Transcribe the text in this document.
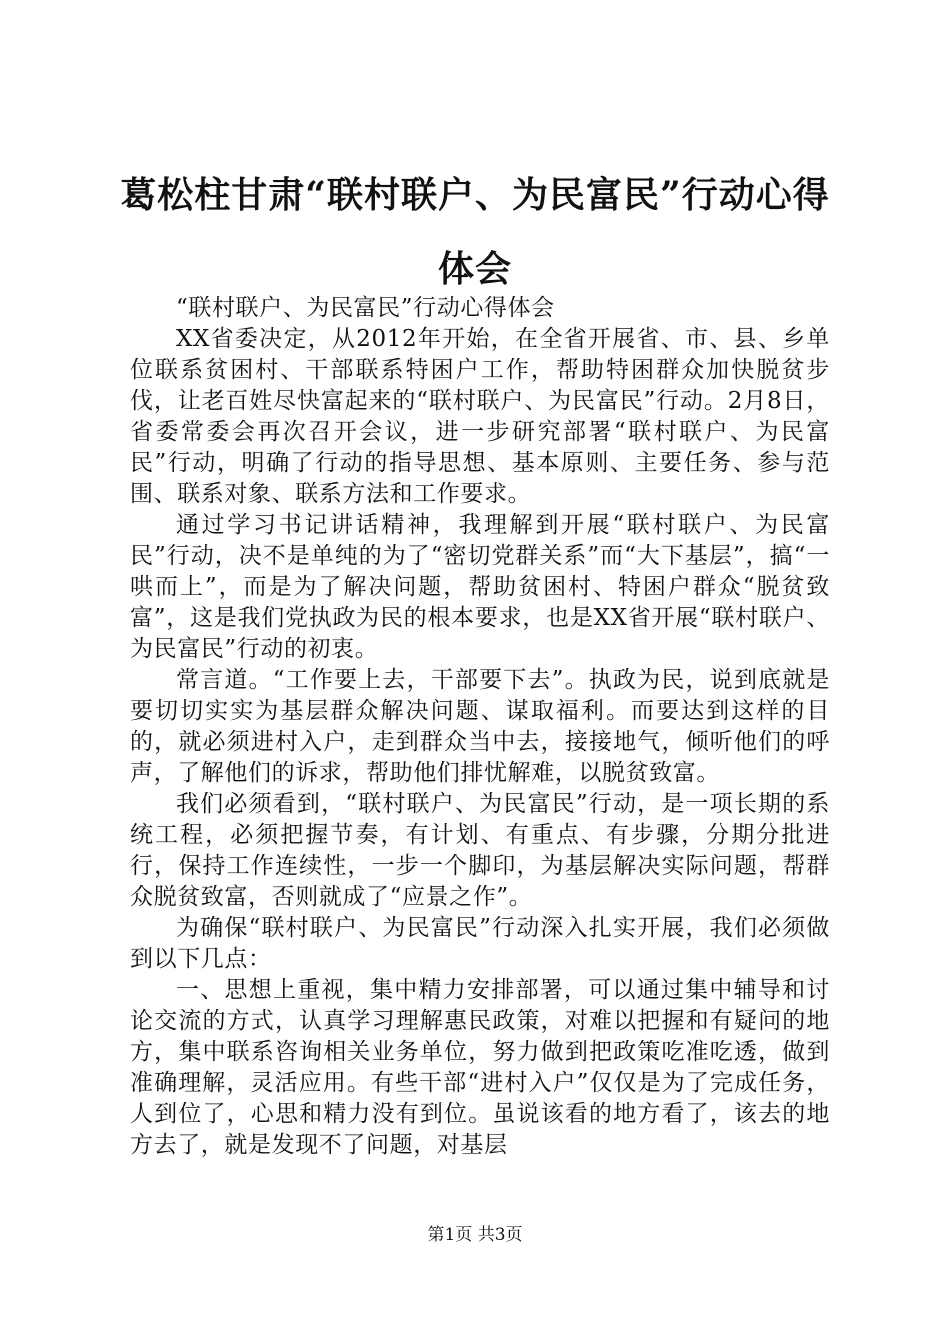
葛松柱甘肃“联村联户、为民富民”行动心得体会

“联村联户、为民富民”行动心得体会

XX省委决定，从2012年开始，在全省开展省、市、县、乡单位联系贫困村、干部联系特困户工作，帮助特困群众加快脱贫步伐，让老百姓尽快富起来的“联村联户、为民富民”行动。2月8日，省委常委会再次召开会议，进一步研究部署“联村联户、为民富民”行动，明确了行动的指导思想、基本原则、主要任务、参与范围、联系对象、联系方法和工作要求。

通过学习书记讲话精神，我理解到开展“联村联户、为民富民”行动，决不是单纯的为了“密切党群关系”而“大下基层”，搞“一哄而上”，而是为了解决问题，帮助贫困村、特困户群众“脱贫致富”，这是我们党执政为民的根本要求，也是XX省开展“联村联户、为民富民”行动的初衷。

常言道。“工作要上去，干部要下去”。执政为民，说到底就是要切切实实为基层群众解决问题、谋取福利。而要达到这样的目的，就必须进村入户，走到群众当中去，接接地气，倾听他们的呼声，了解他们的诉求，帮助他们排忧解难，以脱贫致富。

我们必须看到，“联村联户、为民富民”行动，是一项长期的系统工程，必须把握节奏，有计划、有重点、有步骤，分期分批进行，保持工作连续性，一步一个脚印，为基层解决实际问题，帮群众脱贫致富，否则就成了“应景之作”。

为确保“联村联户、为民富民”行动深入扎实开展，我们必须做到以下几点：

一、思想上重视，集中精力安排部署，可以通过集中辅导和讨论交流的方式，认真学习理解惠民政策，对难以把握和有疑问的地方，集中联系咨询相关业务单位，努力做到把政策吃准吃透，做到准确理解，灵活应用。有些干部“进村入户”仅仅是为了完成任务，人到位了，心思和精力没有到位。虽说该看的地方看了，该去的地方去了，就是发现不了问题，对基层

第1页 共3页
